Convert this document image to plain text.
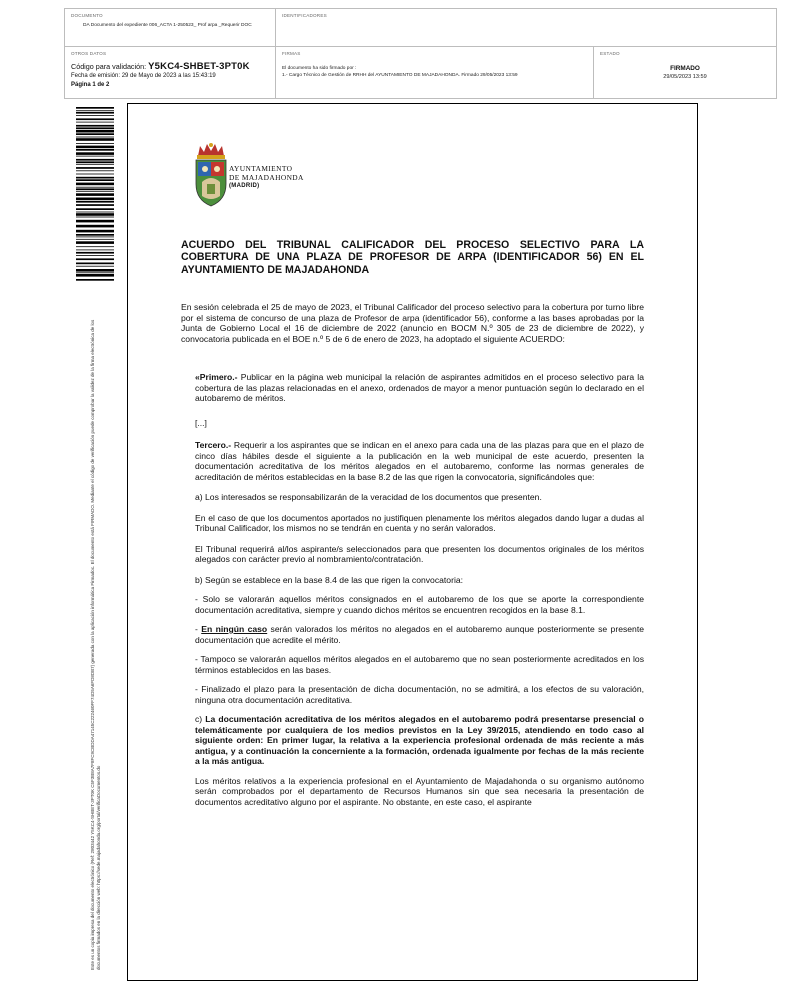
DOCUMENTO
DA Documento del expediente 006_ACTA 1-250523_ Prof arpa _Requerir DOC
IDENTIFICADORES
OTROS DATOS	FIRMAS
El documento ha sido firmado por :
1.- Cargo Técnico de Gestión de RRHH del AYUNTAMIENTO DE MAJADAHONDA. Firmado 29/05/2023 13:59
ESTADO
FIRMADO
29/05/2023 13:59
Código para validación: Y5KC4-SHBET-3PT0K
Fecha de emisión: 29 de Mayo de 2023 a las 15:43:19
Página 1 de 2
Este es un copia impresa del documento electrónico (Ref: 2803442 Y5KC4-SHBET-3PT0K C5F3B8A7F8FC9CBDDA47145C222460FF74D5A6FD8DB7) generada con la aplicación informática Firmadoc. El documento está FIRMADO. Mediante el código de verificación puede comprobar la validez de la firma electrónica de los documentos firmados en la dirección web: https://sede.majadahonda.org/portal/verificaDocumentos.do
AYUNTAMIENTO
DE MAJADAHONDA
(MADRID)
ACUERDO DEL TRIBUNAL CALIFICADOR DEL PROCESO SELECTIVO PARA LA COBERTURA DE UNA PLAZA DE PROFESOR DE ARPA (IDENTIFICADOR 56) EN EL AYUNTAMIENTO DE MAJADAHONDA

En sesión celebrada el 25 de mayo de 2023, el Tribunal Calificador del proceso selectivo para la cobertura por turno libre por el sistema de concurso de una plaza de Profesor de arpa (identificador 56), conforme a las bases aprobadas por la Junta de Gobierno Local el 16 de diciembre de 2022 (anuncio en BOCM N.º 305 de 23 de diciembre de 2022), y convocatoria publicada en el BOE n.º 5 de 6 de enero de 2023, ha adoptado el siguiente ACUERDO:

«Primero.- Publicar en la página web municipal la relación de aspirantes admitidos en el proceso selectivo para la cobertura de las plazas relacionadas en el anexo, ordenados de mayor a menor puntuación según lo declarado en el autobaremo de méritos.

[...]

Tercero.- Requerir a los aspirantes que se indican en el anexo para cada una de las plazas para que en el plazo de cinco días hábiles desde el siguiente a la publicación en la web municipal de este acuerdo, presenten la documentación acreditativa de los méritos alegados en el autobaremo, conforme las normas generales de acreditación de méritos establecidas en la base 8.2 de las que rigen la convocatoria, significándoles que:

a) Los interesados se responsabilizarán de la veracidad de los documentos que presenten.

En el caso de que los documentos aportados no justifiquen plenamente los méritos alegados dando lugar a dudas al Tribunal Calificador, los mismos no se tendrán en cuenta y no serán valorados.

El Tribunal requerirá al/los aspirante/s seleccionados para que presenten los documentos originales de los méritos alegados con carácter previo al nombramiento/contratación.

b) Según se establece en la base 8.4 de las que rigen la convocatoria:

- Solo se valorarán aquellos méritos consignados en el autobaremo de los que se aporte la correspondiente documentación acreditativa, siempre y cuando dichos méritos se encuentren recogidos en la base 8.1.

- En ningún caso serán valorados los méritos no alegados en el autobaremo aunque posteriormente se presente documentación que acredite el mérito.

- Tampoco se valorarán aquellos méritos alegados en el autobaremo que no sean posteriormente acreditados en los términos establecidos en las bases.

- Finalizado el plazo para la presentación de dicha documentación, no se admitirá, a los efectos de su valoración, ninguna otra documentación acreditativa.

c) La documentación acreditativa de los méritos alegados en el autobaremo podrá presentarse presencial o telemáticamente por cualquiera de los medios previstos en la Ley 39/2015, atendiendo en todo caso al siguiente orden: En primer lugar, la relativa a la experiencia profesional ordenada de más reciente a más antigua, y a continuación la concerniente a la formación, ordenada igualmente por fechas de la más reciente a la más antigua.

Los méritos relativos a la experiencia profesional en el Ayuntamiento de Majadahonda o su organismo autónomo serán comprobados por el departamento de Recursos Humanos sin que sea necesaria la presentación de documentos acreditativo alguno por el aspirante. No obstante, en este caso, el aspirante
